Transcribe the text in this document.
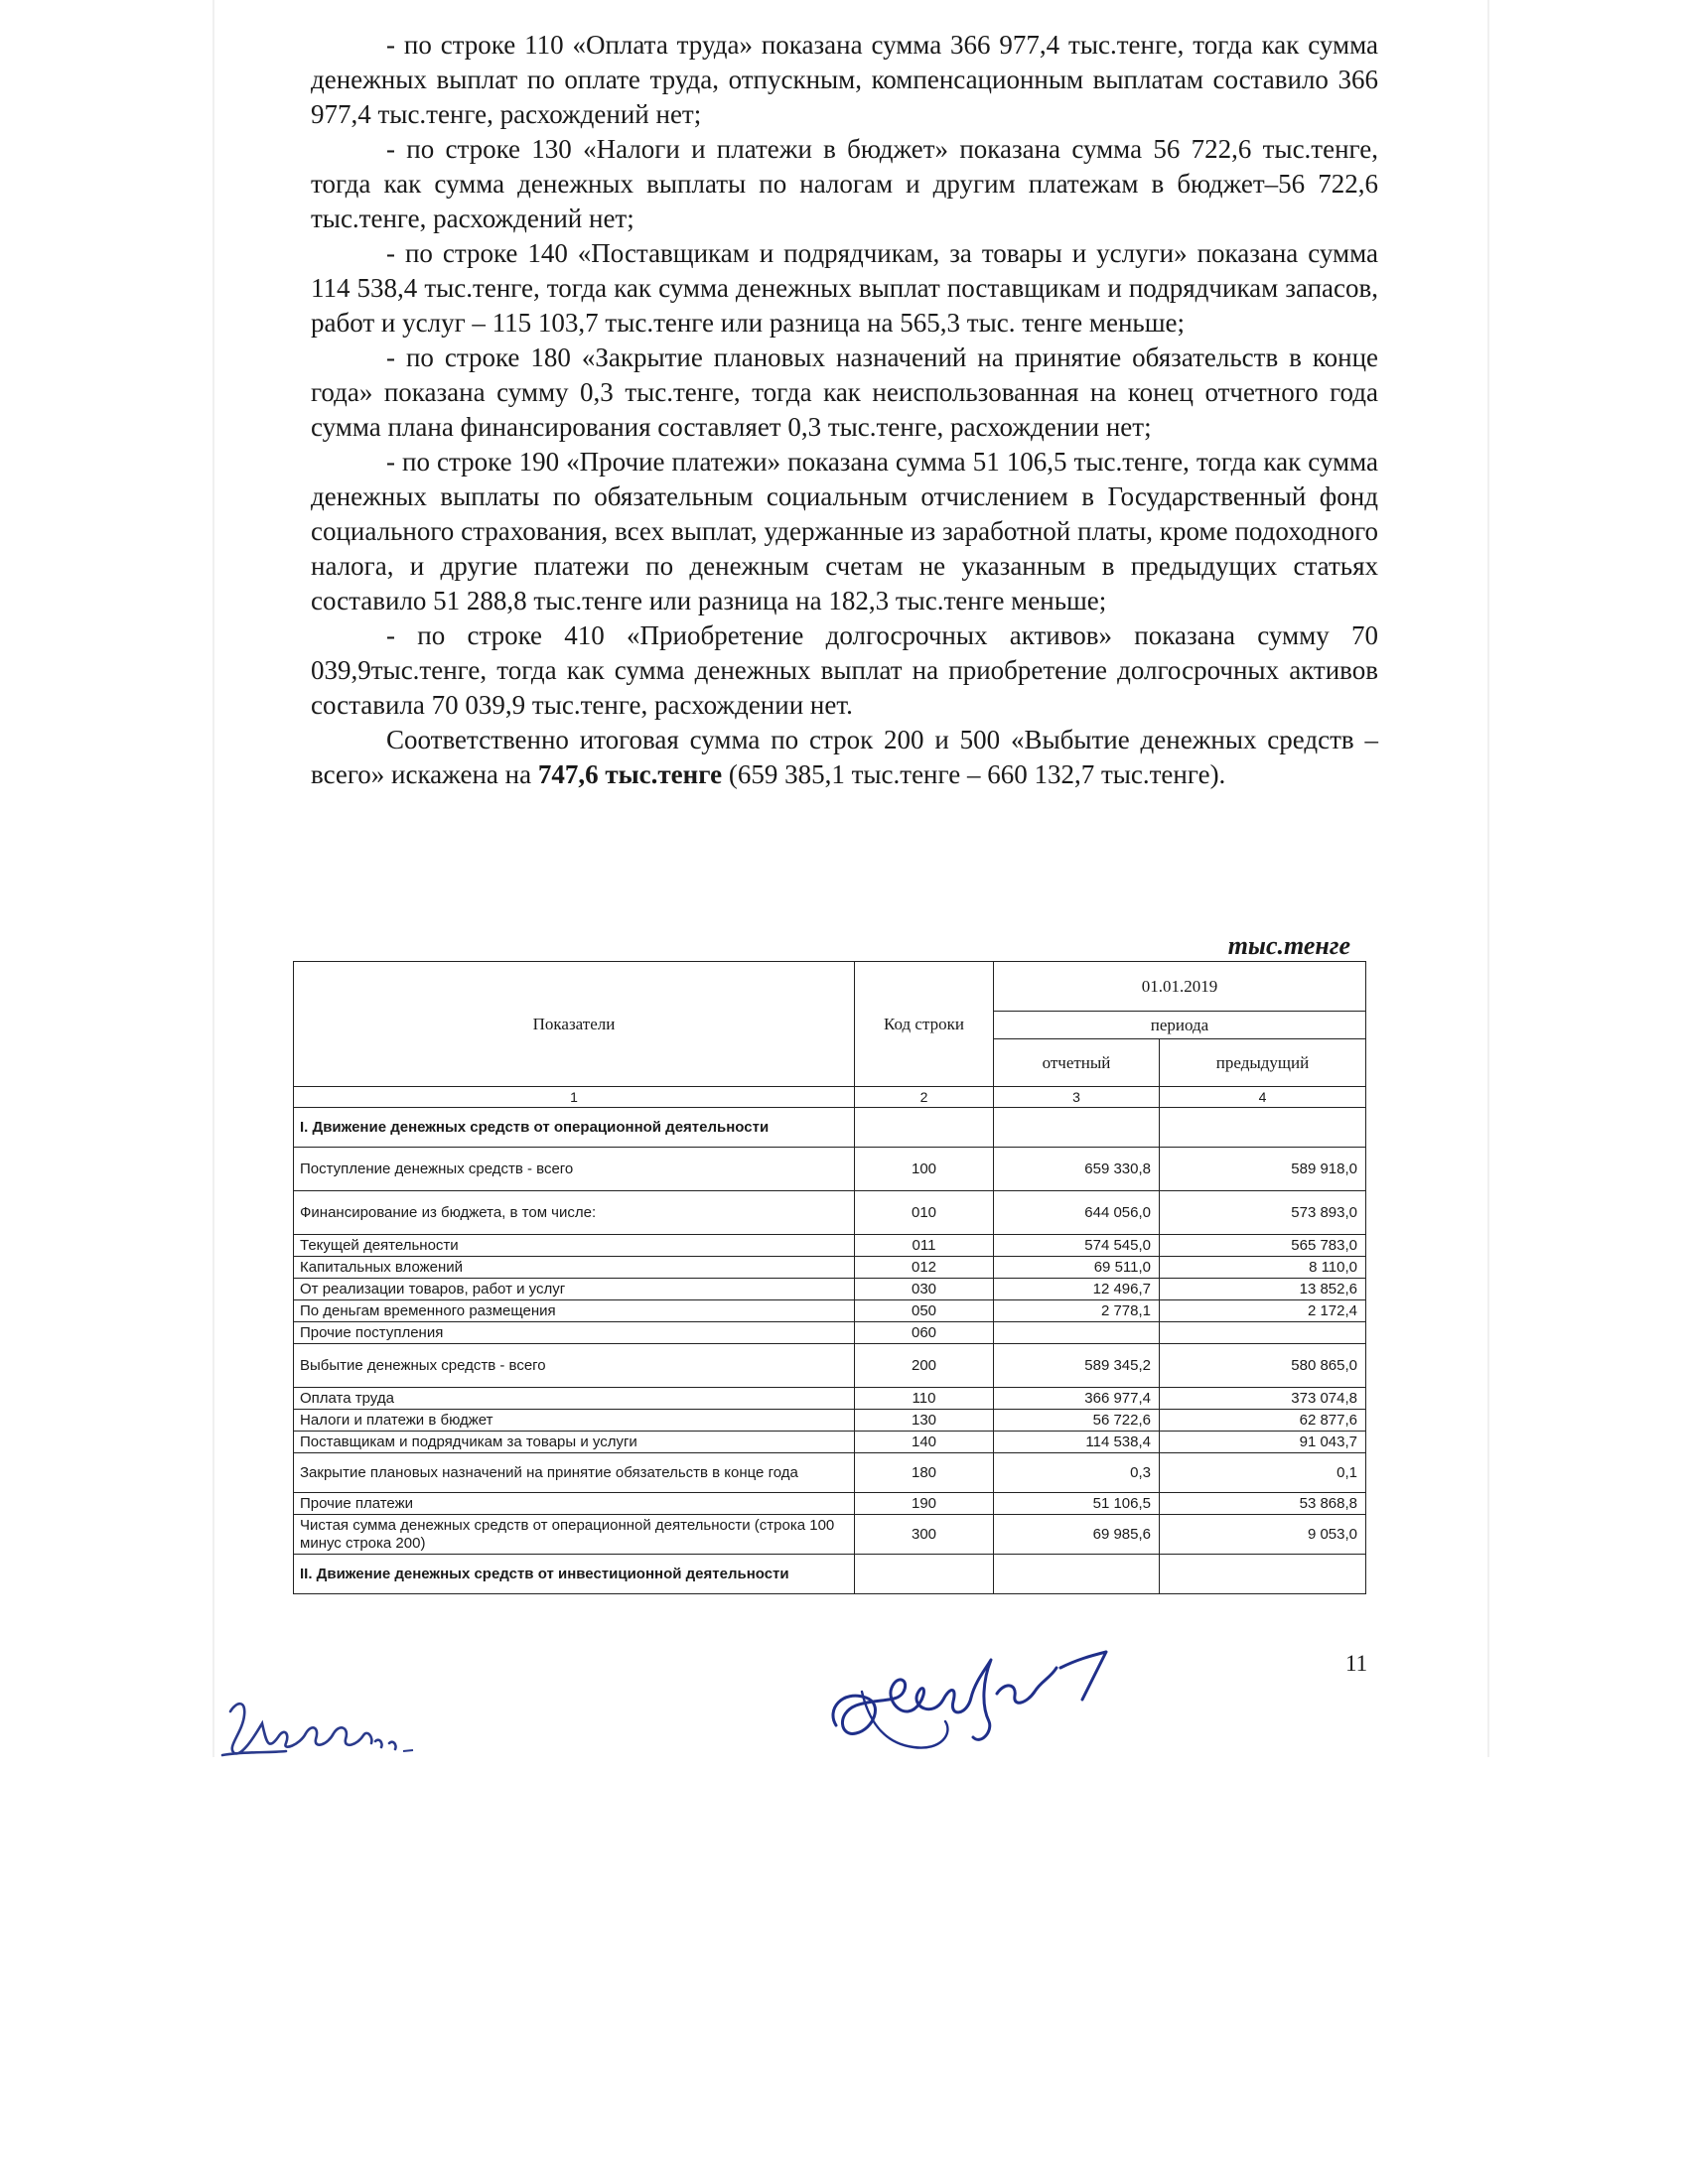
- по строке 110 «Оплата труда» показана сумма 366 977,4 тыс.тенге, тогда как сумма денежных выплат по оплате труда, отпускным, компенсационным выплатам составило 366 977,4 тыс.тенге, расхождений нет;

- по строке 130 «Налоги и платежи в бюджет» показана сумма 56 722,6 тыс.тенге, тогда как сумма денежных выплаты по налогам и другим платежам в бюджет–56 722,6 тыс.тенге, расхождений нет;

- по строке 140 «Поставщикам и подрядчикам, за товары и услуги» показана сумма 114 538,4 тыс.тенге, тогда как сумма денежных выплат поставщикам и подрядчикам запасов, работ и услуг – 115 103,7 тыс.тенге или разница на 565,3 тыс. тенге меньше;

- по строке 180 «Закрытие плановых назначений на принятие обязательств в конце года» показана сумму 0,3 тыс.тенге, тогда как неиспользованная на конец отчетного года сумма плана финансирования составляет 0,3 тыс.тенге, расхождении нет;

- по строке 190 «Прочие платежи» показана сумма 51 106,5 тыс.тенге, тогда как сумма денежных выплаты по обязательным социальным отчислением в Государственный фонд социального страхования, всех выплат, удержанные из заработной платы, кроме подоходного налога, и другие платежи по денежным счетам не указанным в предыдущих статьях составило 51 288,8 тыс.тенге или разница на 182,3 тыс.тенге меньше;

- по строке 410 «Приобретение долгосрочных активов» показана сумму 70 039,9тыс.тенге, тогда как сумма денежных выплат на приобретение долгосрочных активов составила 70 039,9 тыс.тенге, расхождении нет.

Соответственно итоговая сумма по строк 200 и 500 «Выбытие денежных средств – всего» искажена на 747,6 тыс.тенге (659 385,1 тыс.тенге – 660 132,7 тыс.тенге).

тыс.тенге
Показатели	Код строки	01.01.2019	
		периода	
		отчетный	предыдущий
1	2	3	4
I. Движение денежных средств от операционной деятельности			
Поступление денежных средств - всего	100	659 330,8	589 918,0
Финансирование из бюджета, в том числе:	010	644 056,0	573 893,0
Текущей деятельности	011	574 545,0	565 783,0
Капитальных вложений	012	69 511,0	8 110,0
От реализации товаров, работ и услуг	030	12 496,7	13 852,6
По деньгам временного размещения	050	2 778,1	2 172,4
Прочие поступления	060		
Выбытие денежных средств - всего	200	589 345,2	580 865,0
Оплата труда	110	366 977,4	373 074,8
Налоги и платежи в бюджет	130	56 722,6	62 877,6
Поставщикам и подрядчикам за товары и услуги	140	114 538,4	91 043,7
Закрытие плановых назначений на принятие обязательств в конце года	180	0,3	0,1
Прочие платежи	190	51 106,5	53 868,8
Чистая сумма денежных средств от операционной деятельности (строка 100 минус строка 200)	300	69 985,6	9 053,0
II. Движение денежных средств от инвестиционной деятельности			
11
